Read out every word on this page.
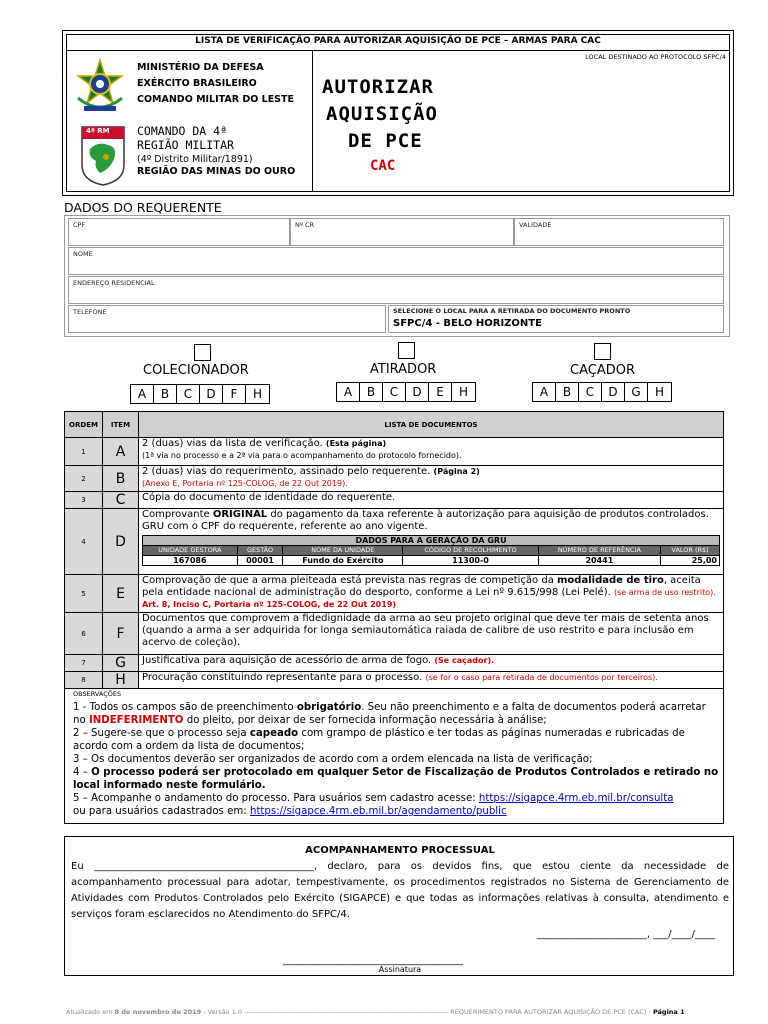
LISTA DE VERIFICAÇÃO PARA AUTORIZAR AQUISIÇÃO DE PCE – ARMAS PARA CAC
LOCAL DESTINADO AO PROTOCOLO SFPC/4
4ª RM
MINISTÉRIO DA DEFESA
EXÉRCITO BRASILEIRO
COMANDO MILITAR DO LESTE
COMANDO DA 4ª
REGIÃO MILITAR
(4º Distrito Militar/1891)
REGIÃO DAS MINAS DO OURO
AUTORIZAR
AQUISIÇÃO
DE PCE
CAC
DADOS DO REQUERENTE
CPF	Nº CR	VALIDADE
NOME
ENDEREÇO RESIDENCIAL
TELEFONE	SELECIONE O LOCAL PARA A RETIRADA DO DOCUMENTO PRONTO
SFPC/4 - BELO HORIZONTE
COLECIONADOR
A	B	C	D	F	H
ATIRADOR
A	B	C	D	E	H
CAÇADOR
A	B	C	D	G	H
ORDEM	ITEM	LISTA DE DOCUMENTOS
1	A	2 (duas) vias da lista de verificação. (Esta página)
(1ª via no processo e a 2ª via para o acompanhamento do protocolo fornecido).
2	B	2 (duas) vias do requerimento, assinado pelo requerente. (Página 2)
(Anexo E, Portaria nº 125-COLOG, de 22 Out 2019).
3	C	Cópia do documento de identidade do requerente.
4	D	Comprovante ORIGINAL do pagamento da taxa referente à autorização para aquisição de produtos controlados. GRU com o CPF do requerente, referente ao ano vigente.
DADOS PARA A GERAÇÃO DA GRU
UNIDADE GESTORA	GESTÃO	NOME DA UNIDADE	CÓDIGO DE RECOLHIMENTO	NÚMERO DE REFERÊNCIA	VALOR (R$)
167086	00001	Fundo do Exército	11300-0	20441	25,00

5	E	Comprovação de que a arma pleiteada está prevista nas regras de competição da modalidade de tiro, aceita pela entidade nacional de administração do desporto, conforme a Lei nº 9.615/998 (Lei Pelé). (se arma de uso restrito). Art. 8, Inciso C, Portaria nº 125-COLOG, de 22 Out 2019)
6	F	Documentos que comprovem a fidedignidade da arma ao seu projeto original que deve ter mais de setenta anos (quando a arma a ser adquirida for longa semiautomática raiada de calibre de uso restrito e para inclusão em acervo de coleção).
7	G	Justificativa para aquisição de acessório de arma de fogo. (Se caçador).
8	H	Procuração constituindo representante para o processo. (se for o caso para retirada de documentos por terceiros).
OBSERVAÇÕES
1 - Todos os campos são de preenchimento obrigatório. Seu não preenchimento e a falta de documentos poderá acarretar no INDEFERIMENTO do pleito, por deixar de ser fornecida informação necessária à análise;
2 – Sugere-se que o processo seja capeado com grampo de plástico e ter todas as páginas numeradas e rubricadas de acordo com a ordem da lista de documentos;
3 – Os documentos deverão ser organizados de acordo com a ordem elencada na lista de verificação;
4 – O processo poderá ser protocolado em qualquer Setor de Fiscalização de Produtos Controlados e retirado no local informado neste formulário.
5 – Acompanhe o andamento do processo. Para usuários sem cadastro acesse: https://sigapce.4rm.eb.mil.br/consulta
ou para usuários cadastrados em: https://sigapce.4rm.eb.mil.br/agendamento/public
ACOMPANHAMENTO PROCESSUAL
Eu ____________________________________________, declaro, para os devidos fins, que estou ciente da necessidade de acompanhamento processual para adotar, tempestivamente, os procedimentos registrados no Sistema de Gerenciamento de Atividades com Produtos Controlados pelo Exército (SIGAPCE) e que todas as informações relativas à consulta, atendimento e serviços foram esclarecidos no Atendimento do SFPC/4.
______________________, ___/____/____
____________________________________
Assinatura
Atualizado em 8 de novembro de 2019 - Versão 1.0 --------------------------------------------------------------------------------------- REQUERIMENTO PARA AUTORIZAR AQUISIÇÃO DE PCE (CAC) - Página 1
